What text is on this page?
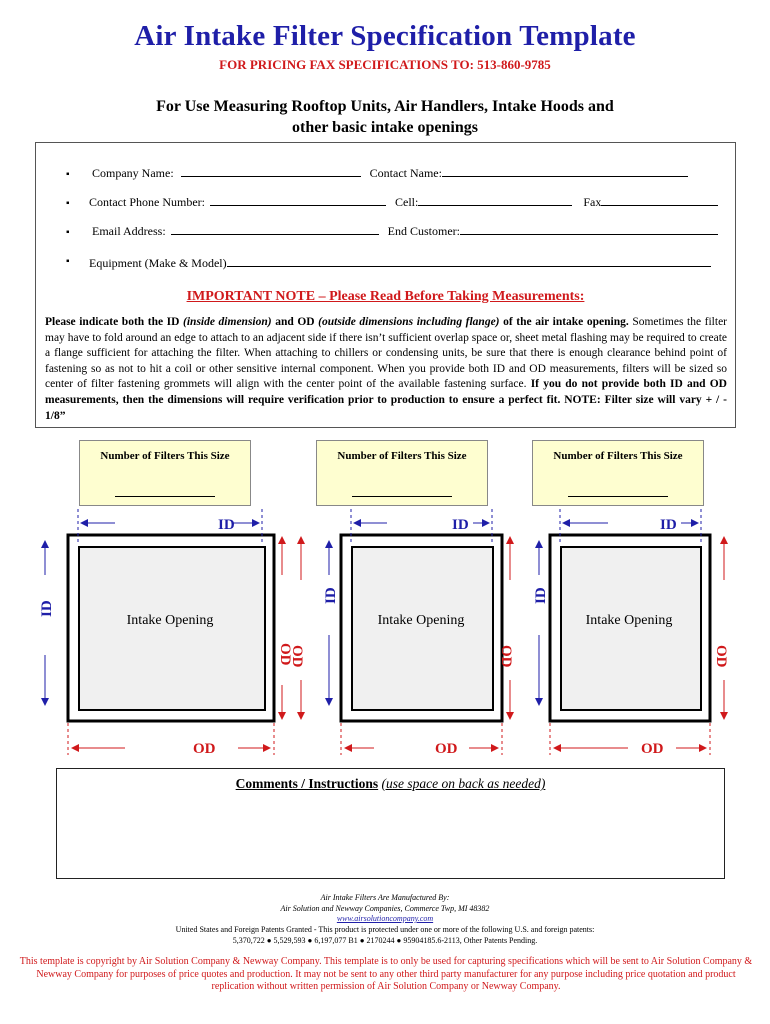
Air Intake Filter Specification Template
FOR PRICING FAX SPECIFICATIONS TO: 513-860-9785
For Use Measuring Rooftop Units, Air Handlers, Intake Hoods and
other basic intake openings
▪ Company Name:	Contact Name:
▪ Contact Phone Number:	Cell:	Fax
▪ Email Address:	End Customer:
▪ Equipment (Make & Model)
IMPORTANT NOTE – Please Read Before Taking Measurements:
Please indicate both the ID (inside dimension) and OD (outside dimensions including flange) of the air intake opening. Sometimes the filter may have to fold around an edge to attach to an adjacent side if there isn’t sufficient overlap space or, sheet metal flashing may be required to create a flange sufficient for attaching the filter. When attaching to chillers or condensing units, be sure that there is enough clearance behind point of fastening so as not to hit a coil or other sensitive internal component. When you provide both ID and OD measurements, filters will be sized so center of filter fastening grommets will align with the center point of the available fastening surface. If you do not provide both ID and OD measurements, then the dimensions will require verification prior to production to ensure a perfect fit. NOTE: Filter size will vary + / - 1/8”
Number of Filters This Size	Number of Filters This Size	Number of Filters This Size
Intake Opening
ID
ID
OD
OD
Intake Opening
ID
ID
OD
OD
Intake Opening
ID
ID
OD	OD
OD
Comments / Instructions (use space on back as needed)
Air Intake Filters Are Manufactured By:
Air Solution and Newway Companies, Commerce Twp, MI 48382
www.airsolutioncompany.com
United States and Foreign Patents Granted - This product is protected under one or more of the following U.S. and foreign patents:
5,370,722 ● 5,529,593 ● 6,197,077 B1 ● 2170244 ● 95904185.6-2113, Other Patents Pending.
This template is copyright by Air Solution Company & Newway Company. This template is to only be used for capturing specifications which will be sent to Air Solution Company & Newway Company for purposes of price quotes and production. It may not be sent to any other third party manufacturer for any purpose including price quotation and product replication without written permission of Air Solution Company or Newway Company.
